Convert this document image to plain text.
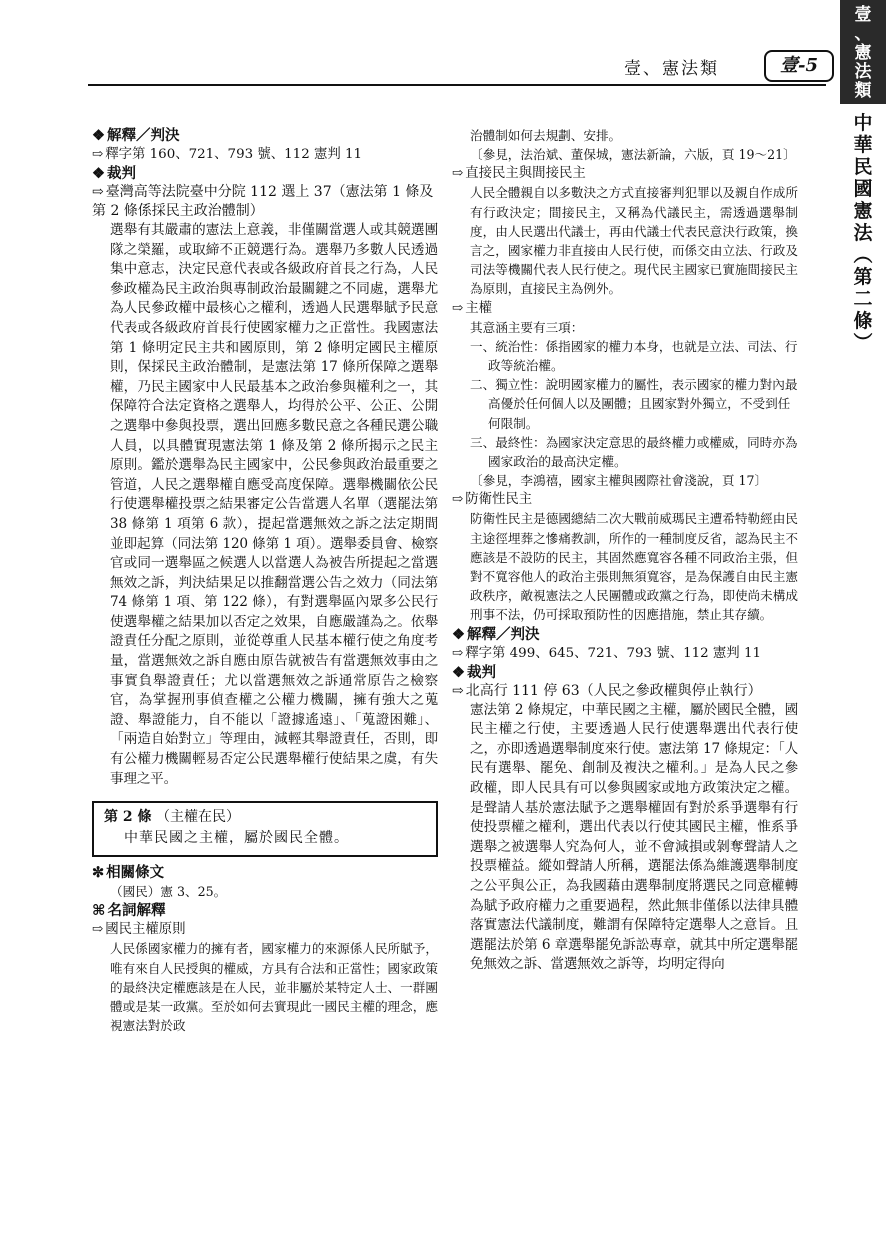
壹、憲法類	壹-5
壹
、
憲
法
類
中
華
民
國
憲
法
︵
第
二
條
︶

❖ 解釋／判決

⇨ 釋字第 160、721、793 號、112 憲判 11

❖ 裁判

⇨ 臺灣高等法院臺中分院 112 選上 37（憲法第 1 條及第 2 條係採民主政治體制）

選舉有其嚴肅的憲法上意義，非僅關當選人或其競選團隊之榮羅，或取締不正競選行為。選舉乃多數人民透過集中意志，決定民意代表或各級政府首長之行為，人民參政權為民主政治與專制政治最關鍵之不同處，選舉尤為人民參政權中最核心之權利，透過人民選舉賦予民意代表或各級政府首長行使國家權力之正當性。我國憲法第 1 條明定民主共和國原則，第 2 條明定國民主權原則，保採民主政治體制，是憲法第 17 條所保障之選舉權，乃民主國家中人民最基本之政治參與權利之一，其保障符合法定資格之選舉人，均得於公平、公正、公開之選舉中參與投票，選出回應多數民意之各種民選公職人員，以具體實現憲法第 1 條及第 2 條所揭示之民主原則。鑑於選舉為民主國家中，公民參與政治最重要之管道，人民之選舉權自應受高度保障。選舉機關依公民行使選舉權投票之結果審定公告當選人名單（選罷法第 38 條第 1 項第 6 款），提起當選無效之訴之法定期間並即起算（同法第 120 條第 1 項）。選舉委員會、檢察官或同一選舉區之候選人以當選人為被告所提起之當選無效之訴，判決結果足以推翻當選公告之效力（同法第 74 條第 1 項、第 122 條），有對選舉區內眾多公民行使選舉權之結果加以否定之效果，自應嚴謹為之。依舉證責任分配之原則，並從尊重人民基本權行使之角度考量，當選無效之訴自應由原告就被告有當選無效事由之事實負舉證責任；尤以當選無效之訴通常原告之檢察官，為掌握刑事偵查權之公權力機關，擁有強大之蒐證、舉證能力，自不能以「證據遙遠」、「蒐證困難」、「兩造自始對立」等理由，減輕其舉證責任，否則，即有公權力機關輕易否定公民選舉權行使結果之虞，有失事理之平。

第 2 條 （主權在民）
中華民國之主權，屬於國民全體。

✼ 相關條文

（國民）憲 3、25。

⌘ 名詞解釋

⇨ 國民主權原則

人民係國家權力的擁有者，國家權力的來源係人民所賦予，唯有來自人民授與的權威，方具有合法和正當性；國家政策的最終決定權應該是在人民，並非屬於某特定人士、一群團體或是某一政黨。至於如何去實現此一國民主權的理念，應視憲法對於政

治體制如何去規劃、安排。

〔參見，法治斌、董保城，憲法新論，六版，頁 19～21〕

⇨ 直接民主與間接民主

人民全體親自以多數決之方式直接審判犯罪以及親自作成所有行政決定；間接民主，又稱為代議民主，需透過選舉制度，由人民選出代議士，再由代議士代表民意決行政策，換言之，國家權力非直接由人民行使，而係交由立法、行政及司法等機關代表人民行使之。現代民主國家已實施間接民主為原則，直接民主為例外。

⇨ 主權

其意涵主要有三項：

一、統治性：係指國家的權力本身，也就是立法、司法、行政等統治權。

二、獨立性：說明國家權力的屬性，表示國家的權力對內最高優於任何個人以及團體；且國家對外獨立，不受到任何限制。

三、最終性：為國家決定意思的最終權力或權威，同時亦為國家政治的最高決定權。

〔參見，李鴻禧，國家主權與國際社會淺說，頁 17〕

⇨ 防衛性民主

防衛性民主是德國總結二次大戰前威瑪民主遭希特勒經由民主途徑埋葬之慘痛教訓，所作的一種制度反省，認為民主不應該是不設防的民主，其固然應寬容各種不同政治主張，但對不寬容他人的政治主張則無須寬容，是為保護自由民主憲政秩序，敵視憲法之人民團體或政黨之行為，即使尚未構成刑事不法，仍可採取預防性的因應措施，禁止其存續。

❖ 解釋／判決

⇨ 釋字第 499、645、721、793 號、112 憲判 11

❖ 裁判

⇨ 北高行 111 停 63（人民之參政權與停止執行）

憲法第 2 條規定，中華民國之主權，屬於國民全體，國民主權之行使，主要透過人民行使選舉選出代表行使之，亦即透過選舉制度來行使。憲法第 17 條規定：「人民有選舉、罷免、創制及複決之權利。」是為人民之參政權，即人民具有可以參與國家或地方政策決定之權。是聲請人基於憲法賦予之選舉權固有對於系爭選舉有行使投票權之權利，選出代表以行使其國民主權，惟系爭選舉之被選舉人究為何人，並不會減損或剝奪聲請人之投票權益。縱如聲請人所稱，選罷法係為維護選舉制度之公平與公正，為我國藉由選舉制度將選民之同意權轉為賦予政府權力之重要過程，然此無非僅係以法律具體落實憲法代議制度，難謂有保障特定選舉人之意旨。且選罷法於第 6 章選舉罷免訴訟專章，就其中所定選舉罷免無效之訴、當選無效之訴等，均明定得向
